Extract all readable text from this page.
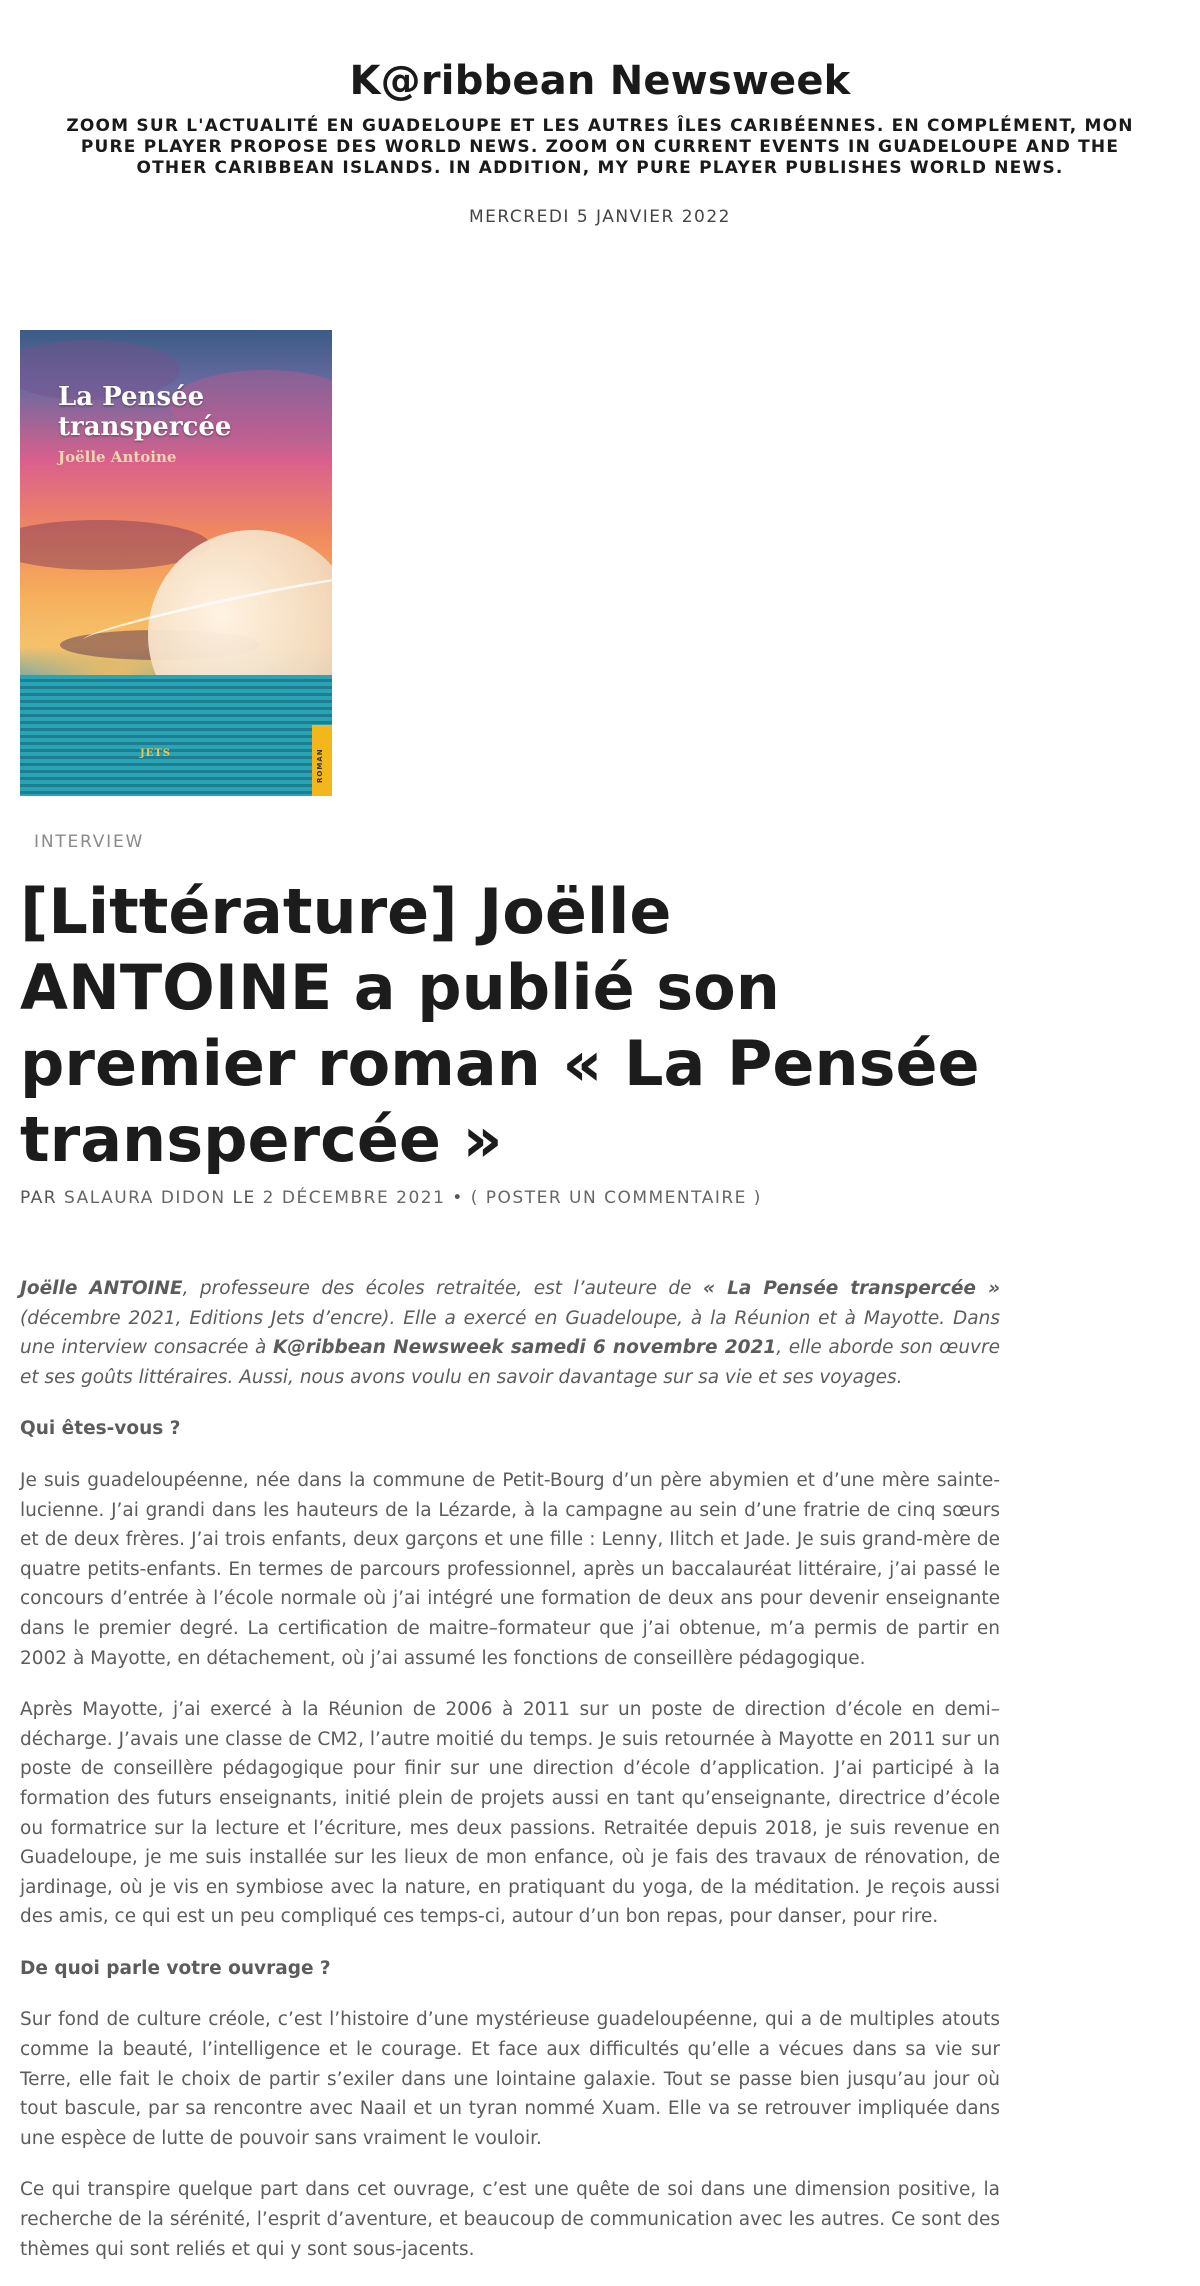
K@ribbean Newsweek
ZOOM SUR L'ACTUALITÉ EN GUADELOUPE ET LES AUTRES ÎLES CARIBÉENNES. EN COMPLÉMENT, MON PURE PLAYER PROPOSE DES WORLD NEWS. ZOOM ON CURRENT EVENTS IN GUADELOUPE AND THE OTHER CARIBBEAN ISLANDS. IN ADDITION, MY PURE PLAYER PUBLISHES WORLD NEWS.
MERCREDI 5 JANVIER 2022
La Pensée
transpercée
Joëlle Antoine
JETS	ROMAN
INTERVIEW
[Littérature] Joëlle ANTOINE a publié son premier roman « La Pensée transpercée »
PAR SALAURA DIDON LE 2 DÉCEMBRE 2021 • ( POSTER UN COMMENTAIRE )

Joëlle ANTOINE, professeure des écoles retraitée, est l’auteure de « La Pensée transpercée » (décembre 2021, Editions Jets d’encre). Elle a exercé en Guadeloupe, à la Réunion et à Mayotte. Dans une interview consacrée à K@ribbean Newsweek samedi 6 novembre 2021, elle aborde son œuvre et ses goûts littéraires. Aussi, nous avons voulu en savoir davantage sur sa vie et ses voyages.

Qui êtes-vous ?

Je suis guadeloupéenne, née dans la commune de Petit-Bourg d’un père abymien et d’une mère sainte-lucienne. J’ai grandi dans les hauteurs de la Lézarde, à la campagne au sein d’une fratrie de cinq sœurs et de deux frères. J’ai trois enfants, deux garçons et une fille : Lenny, Ilitch et Jade. Je suis grand-mère de quatre petits-enfants. En termes de parcours professionnel, après un baccalauréat littéraire, j’ai passé le concours d’entrée à l’école normale où j’ai intégré une formation de deux ans pour devenir enseignante dans le premier degré. La certification de maitre–formateur que j’ai obtenue, m’a permis de partir en 2002 à Mayotte, en détachement, où j’ai assumé les fonctions de conseillère pédagogique.

Après Mayotte, j’ai exercé à la Réunion de 2006 à 2011 sur un poste de direction d’école en demi–décharge. J’avais une classe de CM2, l’autre moitié du temps. Je suis retournée à Mayotte en 2011 sur un poste de conseillère pédagogique pour finir sur une direction d’école d’application. J’ai participé à la formation des futurs enseignants, initié plein de projets aussi en tant qu’enseignante, directrice d’école ou formatrice sur la lecture et l’écriture, mes deux passions. Retraitée depuis 2018, je suis revenue en Guadeloupe, je me suis installée sur les lieux de mon enfance, où je fais des travaux de rénovation, de jardinage, où je vis en symbiose avec la nature, en pratiquant du yoga, de la méditation. Je reçois aussi des amis, ce qui est un peu compliqué ces temps-ci, autour d’un bon repas, pour danser, pour rire.

De quoi parle votre ouvrage ?

Sur fond de culture créole, c’est l’histoire d’une mystérieuse guadeloupéenne, qui a de multiples atouts comme la beauté, l’intelligence et le courage. Et face aux difficultés qu’elle a vécues dans sa vie sur Terre, elle fait le choix de partir s’exiler dans une lointaine galaxie. Tout se passe bien jusqu’au jour où tout bascule, par sa rencontre avec Naail et un tyran nommé Xuam. Elle va se retrouver impliquée dans une espèce de lutte de pouvoir sans vraiment le vouloir.

Ce qui transpire quelque part dans cet ouvrage, c’est une quête de soi dans une dimension positive, la recherche de la sérénité, l’esprit d’aventure, et beaucoup de communication avec les autres. Ce sont des thèmes qui sont reliés et qui y sont sous-jacents.
